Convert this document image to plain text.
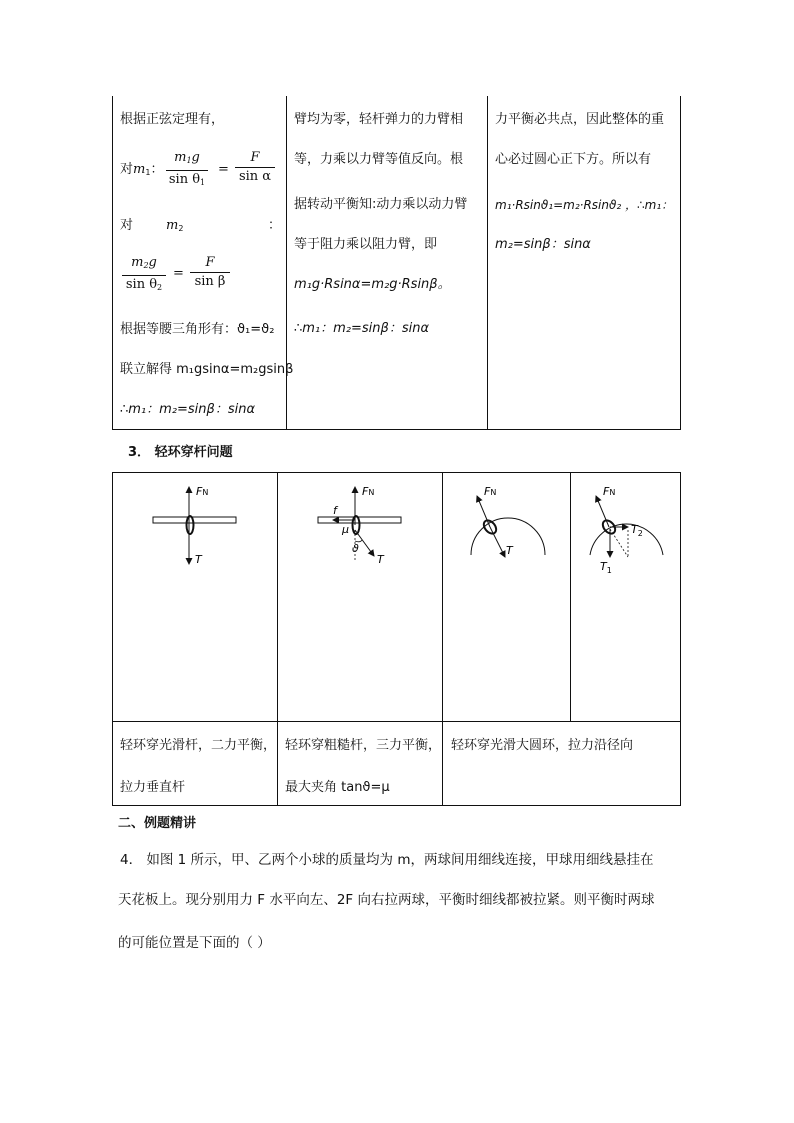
根据正弦定理有，
对$m_1$：
$m_1g$
$\sin \theta_1$
=
F
sin α
对	$m_2$	：
$m_2g$
$\sin \theta_2$
=
F
sin β
根据等腰三角形有：ϑ₁=ϑ₂
联立解得 m₁gsinα=m₂gsinβ
∴m₁：m₂=sinβ：sinα
臂均为零，轻杆弹力的力臂相
等，力乘以力臂等值反向。根
据转动平衡知:动力乘以动力臂
等于阻力乘以阻力臂，即
m₁g·Rsinα=m₂g·Rsinβ。
∴m₁：m₂=sinβ：sinα
力平衡必共点，因此整体的重
心必过圆心正下方。所以有
m₁·Rsinϑ₁=m₂·Rsinϑ₂ ，∴m₁：
m₂=sinβ：sinα
3． 轻环穿杆问题
FN
T
FN
f
μ
ϑ
T
FN
T
FN
$T_2$
$T_1$
轻环穿光滑杆，二力平衡，
拉力垂直杆
轻环穿粗糙杆，三力平衡，
最大夹角 tanϑ=μ
轻环穿光滑大圆环，拉力沿径向
二、例题精讲
4． 如图 1 所示，甲、乙两个小球的质量均为 m，两球间用细线连接，甲球用细线悬挂在
天花板上。现分别用力 F 水平向左、2F 向右拉两球，平衡时细线都被拉紧。则平衡时两球
的可能位置是下面的（ ）
